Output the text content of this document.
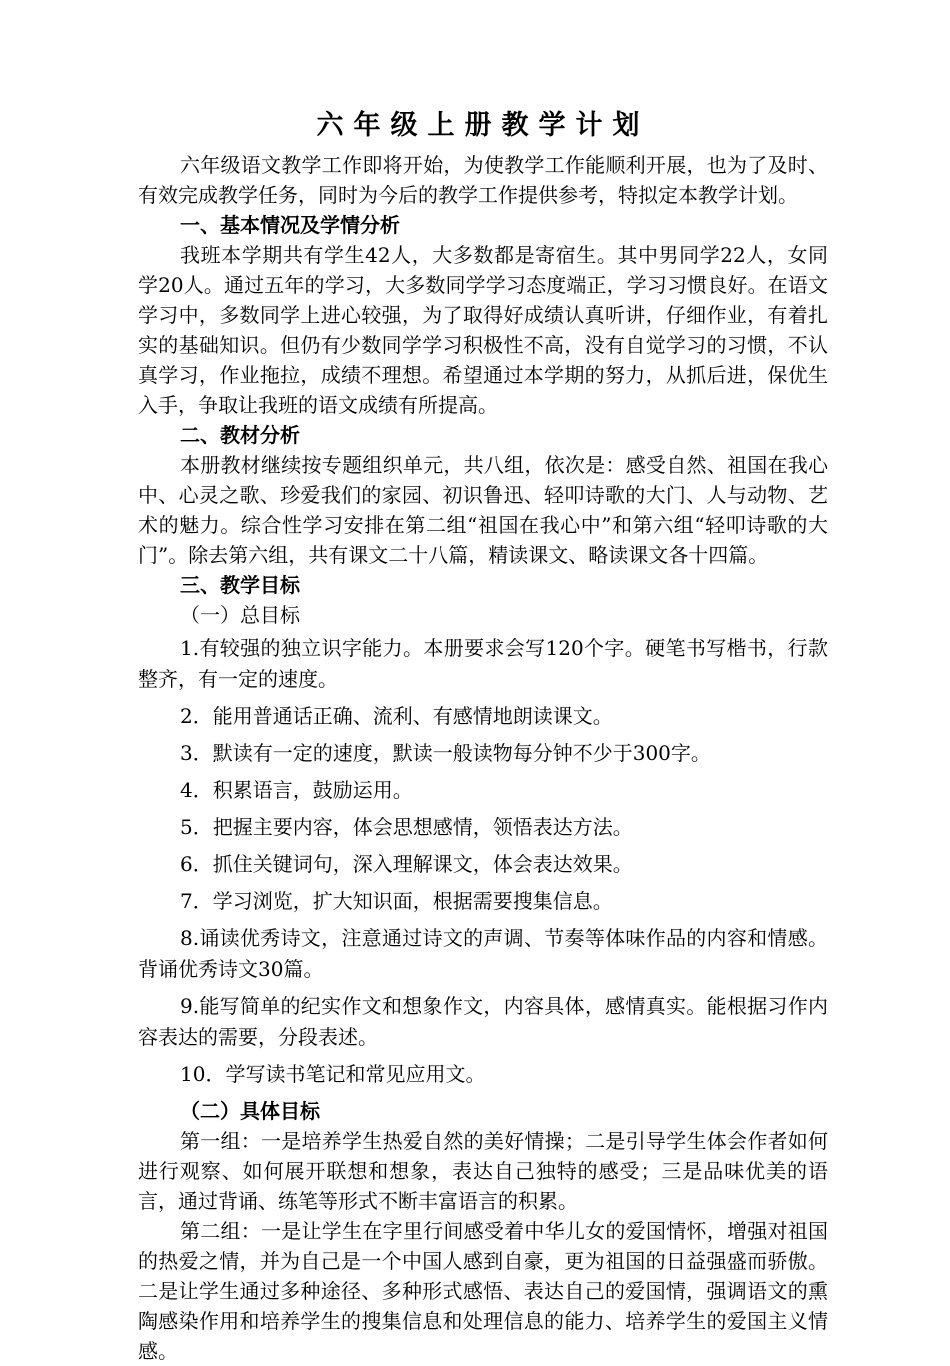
六年级上册教学计划

六年级语文教学工作即将开始，为使教学工作能顺利开展，也为了及时、有效完成教学任务，同时为今后的教学工作提供参考，特拟定本教学计划。

一、基本情况及学情分析

我班本学期共有学生42人，大多数都是寄宿生。其中男同学22人，女同学20人。通过五年的学习，大多数同学学习态度端正，学习习惯良好。在语文学习中，多数同学上进心较强，为了取得好成绩认真听讲，仔细作业，有着扎实的基础知识。但仍有少数同学学习积极性不高，没有自觉学习的习惯，不认真学习，作业拖拉，成绩不理想。希望通过本学期的努力，从抓后进，保优生入手，争取让我班的语文成绩有所提高。

二、教材分析

本册教材继续按专题组织单元，共八组，依次是：感受自然、祖国在我心中、心灵之歌、珍爱我们的家园、初识鲁迅、轻叩诗歌的大门、人与动物、艺术的魅力。综合性学习安排在第二组“祖国在我心中”和第六组“轻叩诗歌的大门”。除去第六组，共有课文二十八篇，精读课文、略读课文各十四篇。

三、教学目标

（一）总目标

1.有较强的独立识字能力。本册要求会写120个字。硬笔书写楷书，行款整齐，有一定的速度。

2．能用普通话正确、流利、有感情地朗读课文。

3．默读有一定的速度，默读一般读物每分钟不少于300字。

4．积累语言，鼓励运用。

5．把握主要内容，体会思想感情，领悟表达方法。

6．抓住关键词句，深入理解课文，体会表达效果。

7．学习浏览，扩大知识面，根据需要搜集信息。

8.诵读优秀诗文，注意通过诗文的声调、节奏等体味作品的内容和情感。背诵优秀诗文30篇。

9.能写简单的纪实作文和想象作文，内容具体，感情真实。能根据习作内容表达的需要，分段表述。

10．学写读书笔记和常见应用文。

（二）具体目标

第一组：一是培养学生热爱自然的美好情操；二是引导学生体会作者如何进行观察、如何展开联想和想象，表达自己独特的感受；三是品味优美的语言，通过背诵、练笔等形式不断丰富语言的积累。

第二组：一是让学生在字里行间感受着中华儿女的爱国情怀，增强对祖国的热爱之情，并为自己是一个中国人感到自豪，更为祖国的日益强盛而骄傲。二是让学生通过多种途径、多种形式感悟、表达自己的爱国情，强调语文的熏陶感染作用和培养学生的搜集信息和处理信息的能力、培养学生的爱国主义情感。
